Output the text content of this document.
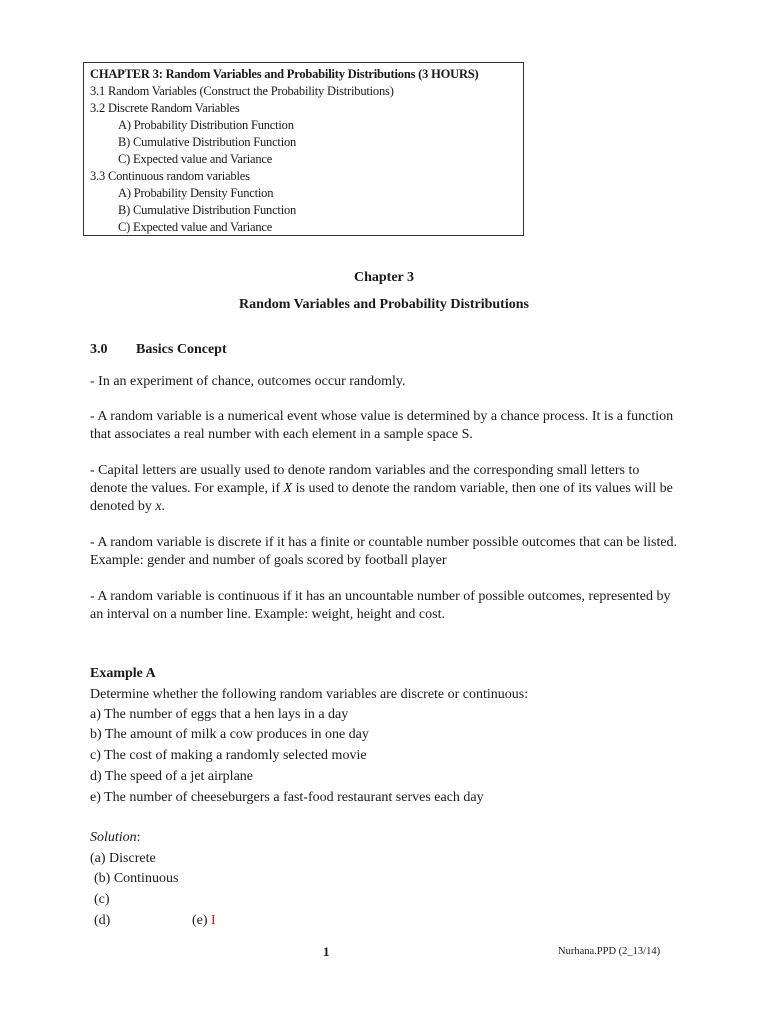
CHAPTER 3: Random Variables and Probability Distributions (3 HOURS)
3.1 Random Variables (Construct the Probability Distributions)
3.2 Discrete Random Variables
A) Probability Distribution Function
B) Cumulative Distribution Function
C) Expected value and Variance
3.3 Continuous random variables
A) Probability Density Function
B) Cumulative Distribution Function
C) Expected value and Variance
Chapter 3
Random Variables and Probability Distributions
3.0 Basics Concept
- In an experiment of chance, outcomes occur randomly.
- A random variable is a numerical event whose value is determined by a chance process. It is a function that associates a real number with each element in a sample space S.
- Capital letters are usually used to denote random variables and the corresponding small letters to denote the values. For example, if X is used to denote the random variable, then one of its values will be denoted by x.
- A random variable is discrete if it has a finite or countable number possible outcomes that can be listed. Example: gender and number of goals scored by football player
- A random variable is continuous if it has an uncountable number of possible outcomes, represented by an interval on a number line. Example: weight, height and cost.
Example A
Determine whether the following random variables are discrete or continuous:
a) The number of eggs that a hen lays in a day
b) The amount of milk a cow produces in one day
c) The cost of making a randomly selected movie
d) The speed of a jet airplane
e) The number of cheeseburgers a fast-food restaurant serves each day
Solution:
(a) Discrete
(b) Continuous
(c)
(d)	(e) I
1	Nurhana.PPD (2_13/14)
